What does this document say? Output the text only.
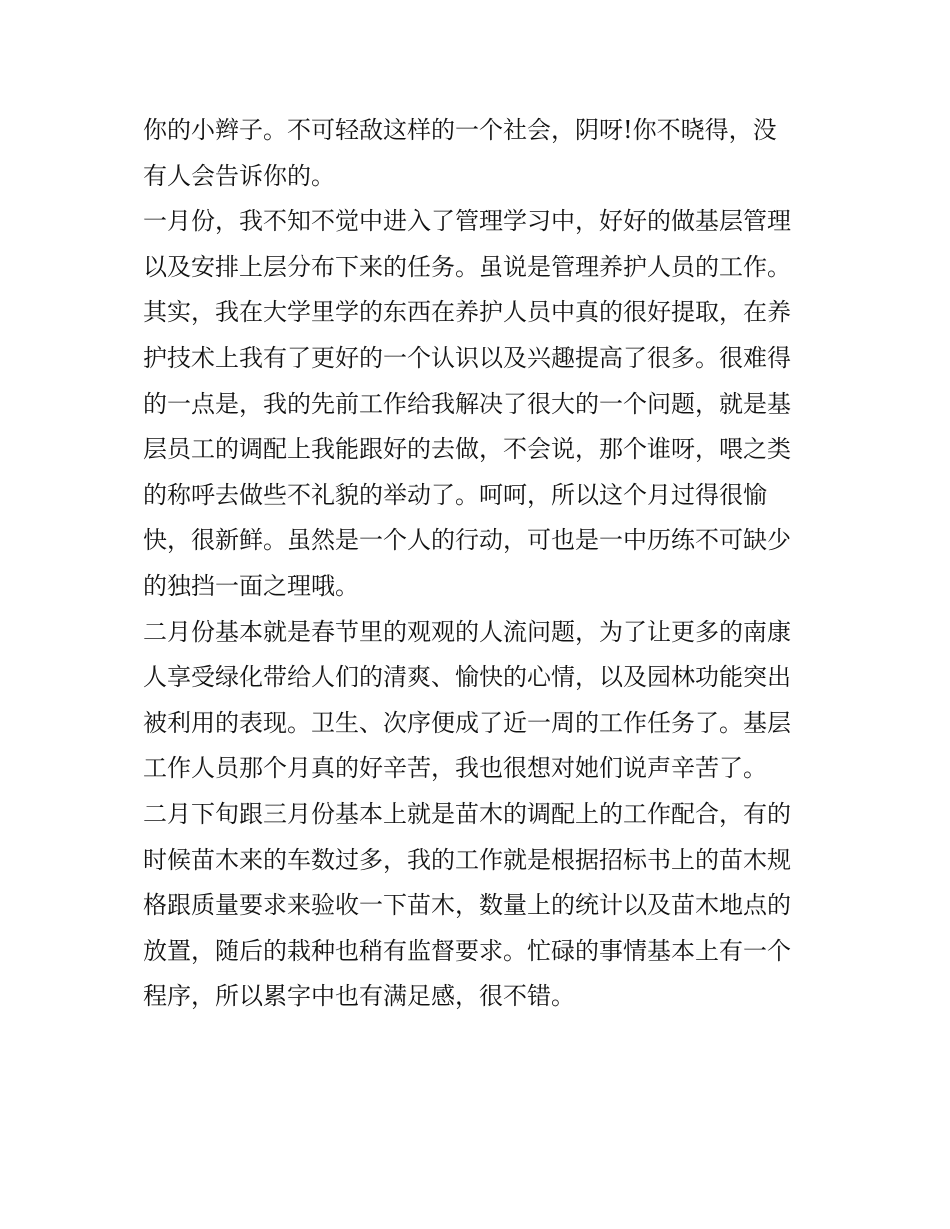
你的小辫子。不可轻敌这样的一个社会，阴呀!你不晓得，没
有人会告诉你的。
一月份，我不知不觉中进入了管理学习中，好好的做基层管理
以及安排上层分布下来的任务。虽说是管理养护人员的工作。
其实，我在大学里学的东西在养护人员中真的很好提取，在养
护技术上我有了更好的一个认识以及兴趣提高了很多。很难得
的一点是，我的先前工作给我解决了很大的一个问题，就是基
层员工的调配上我能跟好的去做，不会说，那个谁呀，喂之类
的称呼去做些不礼貌的举动了。呵呵，所以这个月过得很愉
快，很新鲜。虽然是一个人的行动，可也是一中历练不可缺少
的独挡一面之理哦。
二月份基本就是春节里的观观的人流问题，为了让更多的南康
人享受绿化带给人们的清爽、愉快的心情，以及园林功能突出
被利用的表现。卫生、次序便成了近一周的工作任务了。基层
工作人员那个月真的好辛苦，我也很想对她们说声辛苦了。
二月下旬跟三月份基本上就是苗木的调配上的工作配合，有的
时候苗木来的车数过多，我的工作就是根据招标书上的苗木规
格跟质量要求来验收一下苗木，数量上的统计以及苗木地点的
放置，随后的栽种也稍有监督要求。忙碌的事情基本上有一个
程序，所以累字中也有满足感，很不错。
